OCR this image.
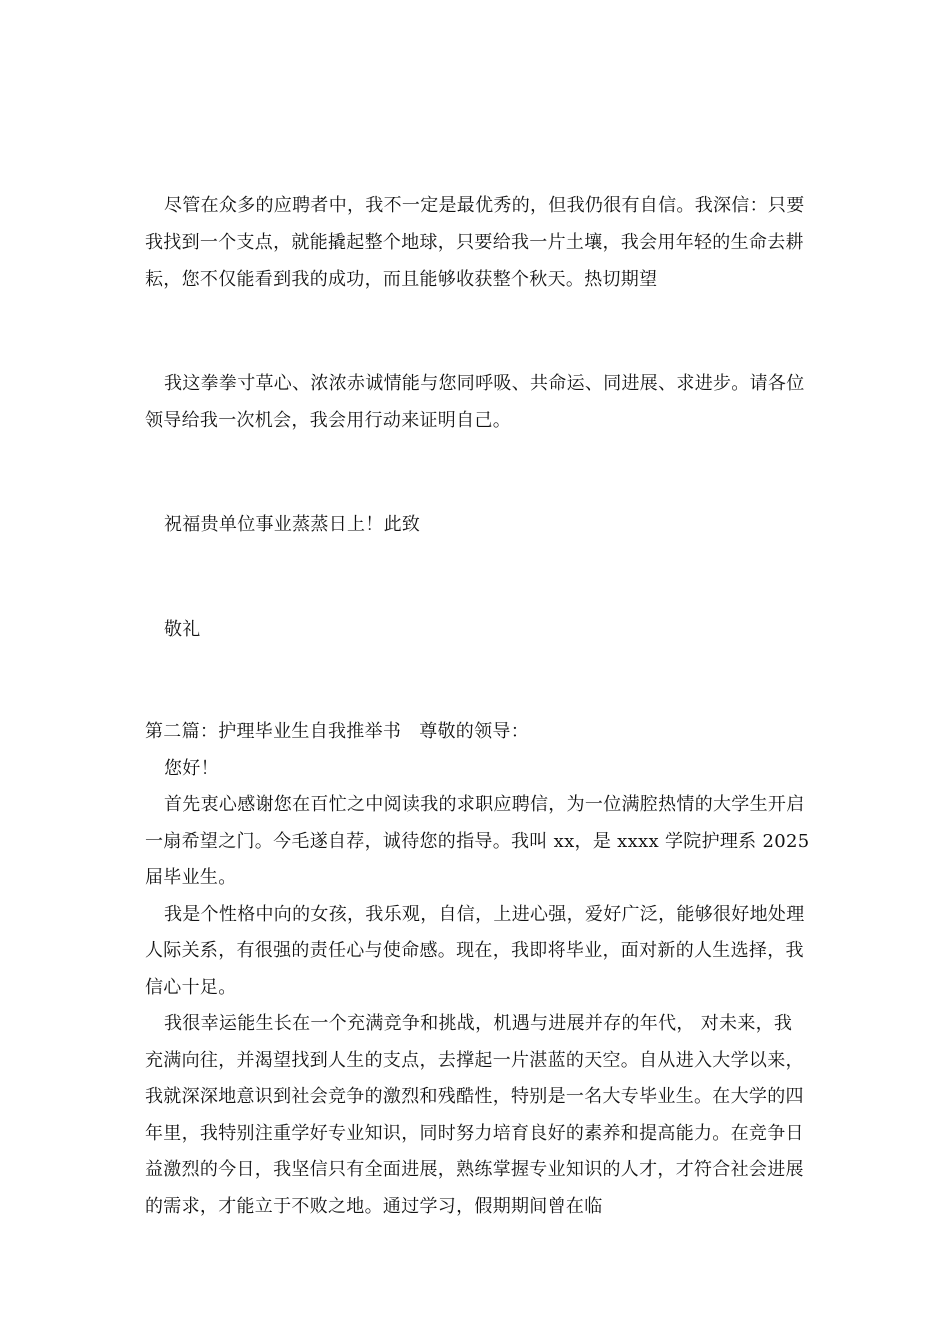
尽管在众多的应聘者中，我不一定是最优秀的，但我仍很有自信。我深信：只要我找到一个支点，就能撬起整个地球，只要给我一片土壤，我会用年轻的生命去耕耘，您不仅能看到我的成功，而且能够收获整个秋天。热切期望

我这拳拳寸草心、浓浓赤诚情能与您同呼吸、共命运、同进展、求进步。请各位领导给我一次机会，我会用行动来证明自己。

祝福贵单位事业蒸蒸日上！此致

敬礼

第二篇：护理毕业生自我推举书 尊敬的领导：

您好！

首先衷心感谢您在百忙之中阅读我的求职应聘信，为一位满腔热情的大学生开启一扇希望之门。今毛遂自荐，诚待您的指导。我叫 xx，是 xxxx 学院护理系 2025 届毕业生。

我是个性格中向的女孩，我乐观，自信，上进心强，爱好广泛，能够很好地处理人际关系，有很强的责任心与使命感。现在，我即将毕业，面对新的人生选择，我信心十足。

我很幸运能生长在一个充满竞争和挑战，机遇与进展并存的年代， 对未来，我充满向往，并渴望找到人生的支点，去撑起一片湛蓝的天空。自从进入大学以来，我就深深地意识到社会竞争的激烈和残酷性，特别是一名大专毕业生。在大学的四年里，我特别注重学好专业知识，同时努力培育良好的素养和提高能力。在竞争日益激烈的今日，我坚信只有全面进展，熟练掌握专业知识的人才，才符合社会进展的需求，才能立于不败之地。通过学习，假期期间曾在临
